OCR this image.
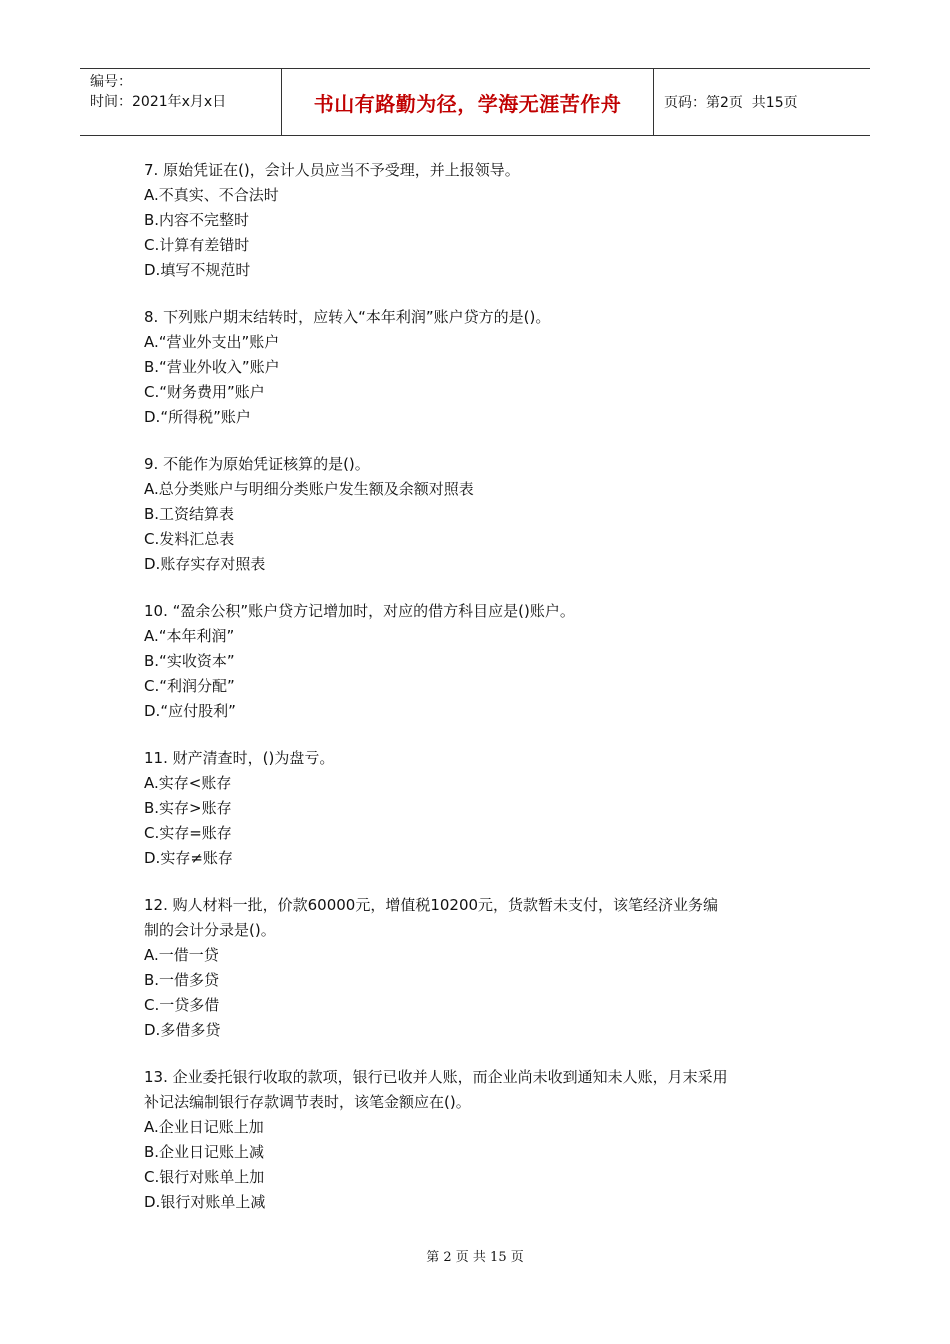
编号：
时间：2021年x月x日	书山有路勤为径，学海无涯苦作舟	页码：第2页  共15页
7. 原始凭证在()，会计人员应当不予受理，并上报领导。
A.不真实、不合法时
B.内容不完整时
C.计算有差错时
D.填写不规范时
8. 下列账户期末结转时，应转入“本年利润”账户贷方的是()。
A.“营业外支出”账户
B.“营业外收入”账户
C.“财务费用”账户
D.“所得税”账户
9. 不能作为原始凭证核算的是()。
A.总分类账户与明细分类账户发生额及余额对照表
B.工资结算表
C.发料汇总表
D.账存实存对照表
10. “盈余公积”账户贷方记增加时，对应的借方科目应是()账户。
A.“本年利润”
B.“实收资本”
C.“利润分配”
D.“应付股利”
11. 财产清查时，()为盘亏。
A.实存<账存
B.实存>账存
C.实存=账存
D.实存≠账存
12. 购人材料一批，价款60000元，增值税10200元，货款暂未支付，该笔经济业务编
制的会计分录是()。
A.一借一贷
B.一借多贷
C.一贷多借
D.多借多贷
13. 企业委托银行收取的款项，银行已收并人账，而企业尚未收到通知未人账，月末采用
补记法编制银行存款调节表时，该笔金额应在()。
A.企业日记账上加
B.企业日记账上减
C.银行对账单上加
D.银行对账单上减
第 2 页 共 15 页
